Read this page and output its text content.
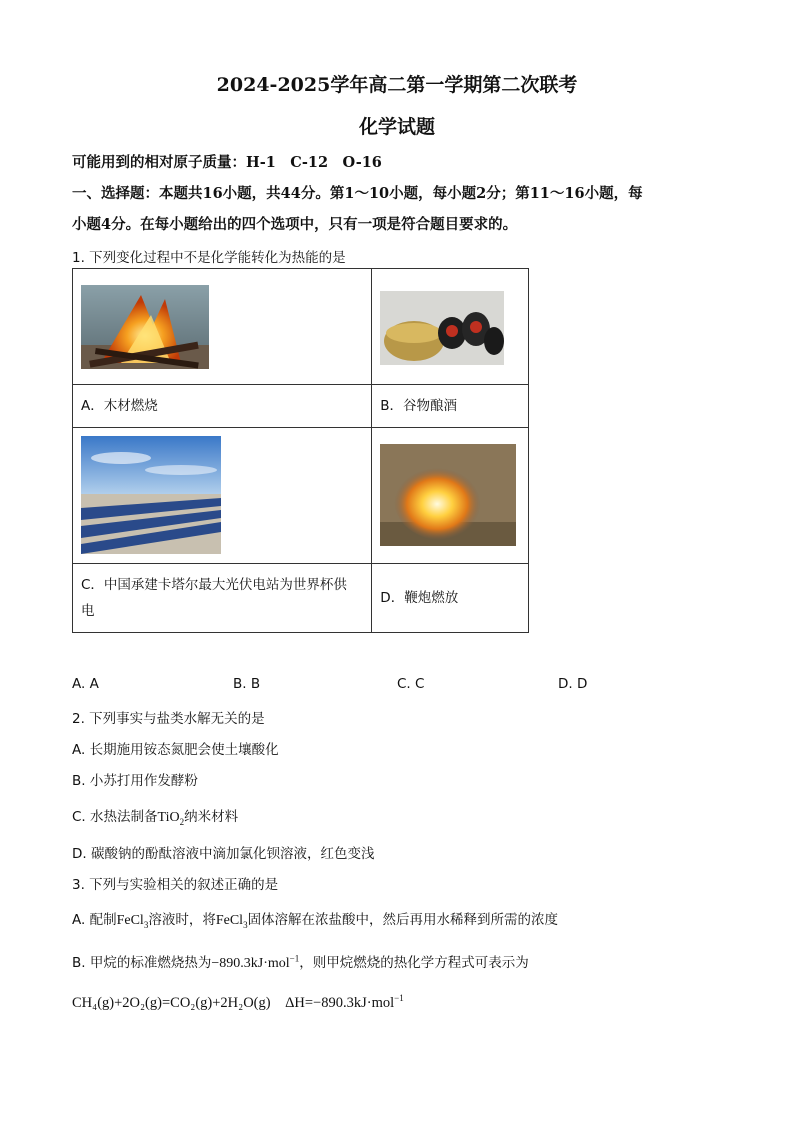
2024-2025学年高二第一学期第二次联考
化学试题
可能用到的相对原子质量：H-1　C-12　O-16
一、选择题：本题共16小题，共44分。第1～10小题，每小题2分；第11～16小题，每
小题4分。在每小题给出的四个选项中，只有一项是符合题目要求的。
1. 下列变化过程中不是化学能转化为热能的是

A．木材燃烧	B．谷物酿酒

C．中国承建卡塔尔最大光伏电站为世界杯供
电	D．鞭炮燃放
A. A	B. B	C. C	D. D
2. 下列事实与盐类水解无关的是
A. 长期施用铵态氮肥会使土壤酸化
B. 小苏打用作发酵粉
C. 水热法制备TiO$_2$纳米材料
D. 碳酸钠的酚酞溶液中滴加氯化钡溶液，红色变浅
3. 下列与实验相关的叙述正确的是
A. 配制FeCl$_3$溶液时，将FeCl$_3$固体溶解在浓盐酸中，然后再用水稀释到所需的浓度
B. 甲烷的标准燃烧热为−890.3kJ·mol$^{-1}$，则甲烷燃烧的热化学方程式可表示为
CH₄(g)+2O₂(g)=CO₂(g)+2H₂O(g)　ΔH=−890.3kJ·mol$^{-1}$
